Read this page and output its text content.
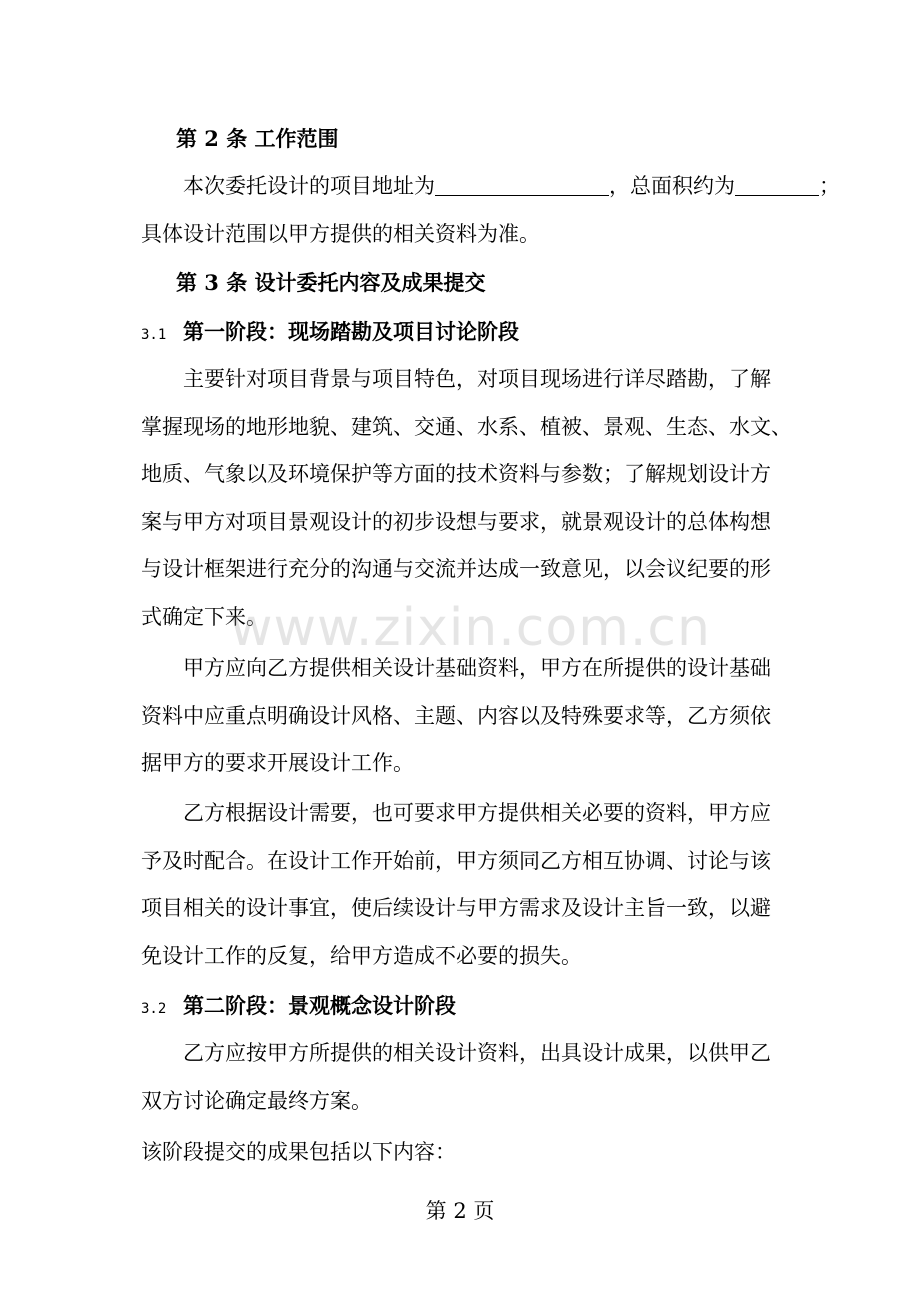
第 2 条 工作范围
本次委托设计的项目地址为	，总面积约为	；
具体设计范围以甲方提供的相关资料为准。
第 3 条 设计委托内容及成果提交
3.1 第一阶段：现场踏勘及项目讨论阶段
主要针对项目背景与项目特色，对项目现场进行详尽踏勘，了解
掌握现场的地形地貌、建筑、交通、水系、植被、景观、生态、水文、
地质、气象以及环境保护等方面的技术资料与参数；了解规划设计方
案与甲方对项目景观设计的初步设想与要求，就景观设计的总体构想
与设计框架进行充分的沟通与交流并达成一致意见，以会议纪要的形
式确定下来。
甲方应向乙方提供相关设计基础资料，甲方在所提供的设计基础
资料中应重点明确设计风格、主题、内容以及特殊要求等，乙方须依
据甲方的要求开展设计工作。
乙方根据设计需要，也可要求甲方提供相关必要的资料，甲方应
予及时配合。在设计工作开始前，甲方须同乙方相互协调、讨论与该
项目相关的设计事宜，使后续设计与甲方需求及设计主旨一致，以避
免设计工作的反复，给甲方造成不必要的损失。
3.2 第二阶段：景观概念设计阶段
乙方应按甲方所提供的相关设计资料，出具设计成果，以供甲乙
双方讨论确定最终方案。
该阶段提交的成果包括以下内容：
第 2 页
www.zixin.com.cn
